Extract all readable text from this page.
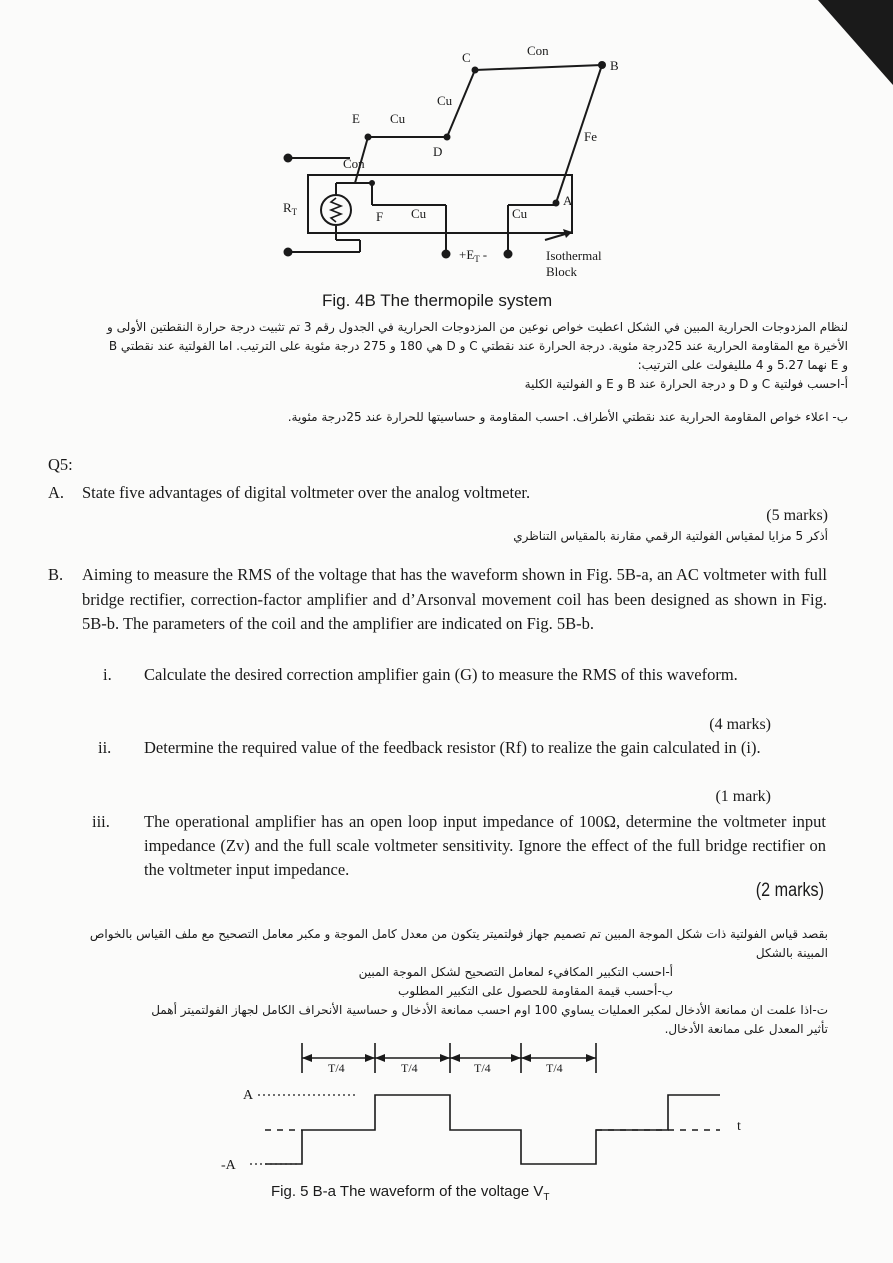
C
B
Con
Cu
E Cu
D
Fe
Con
$R_T$	F Cu	Cu
A
$+E_T$ -	Isothermal
Block
Fig. 4B The thermopile system
لنظام المزدوجات الحرارية المبين في الشكل اعطيت خواص نوعين من المزدوجات الحرارية في الجدول رقم 3 تم تثبيت درجة حرارة النقطتين الأولى و
الأخيرة مع المقاومة الحرارية عند 25درجة مئوية. درجة الحرارة عند نقطتي C و D هي 180 و 275 درجة مئوية على الترتيب. اما الفولتية عند نقطتي B
و E نهما 5.27 و 4 ملليفولت على الترتيب:
أ-احسب فولتية C و D و درجة الحرارة عند B و E و الفولتية الكلية
ب- اعلاء خواص المقاومة الحرارية عند نقطتي الأطراف. احسب المقاومة و حساسيتها للحرارة عند 25درجة مئوية.
Q5:
A. State five advantages of digital voltmeter over the analog voltmeter.
(5 marks)
أذكر 5 مزايا لمقياس الفولتية الرقمي مقارنة بالمقياس التناظري
B. Aiming to measure the RMS of the voltage that has the waveform shown in Fig. 5B-a, an AC voltmeter with full bridge rectifier, correction-factor amplifier and d’Arsonval movement coil has been designed as shown in Fig. 5B-b. The parameters of the coil and the amplifier are indicated on Fig. 5B-b.
i. Calculate the desired correction amplifier gain (G) to measure the RMS of this waveform.
(4 marks)
ii. Determine the required value of the feedback resistor (Rf) to realize the gain calculated in (i).
(1 mark)
iii. The operational amplifier has an open loop input impedance of 100Ω, determine the voltmeter input impedance (Zv) and the full scale voltmeter sensitivity. Ignore the effect of the full bridge rectifier on the voltmeter input impedance.
(2 marks)
بقصد قياس الفولتية ذات شكل الموجة المبين تم تصميم جهاز فولتميتر يتكون من معدل كامل الموجة و مكبر معامل التصحيح مع ملف القياس بالخواص
المبينة بالشكل
أ-احسب التكبير المكافيء لمعامل التصحيح لشكل الموجة المبين
ب-أحسب قيمة المقاومة للحصول على التكبير المطلوب
ت-اذا علمت ان ممانعة الأدخال لمكبر العمليات يساوي 100 اوم احسب ممانعة الأدخال و حساسية الأنحراف الكامل لجهاز الفولتميتر أهمل
تأثير المعدل على ممانعة الأدخال.
T/4	T/4	T/4	T/4
A
-A
t
Fig. 5 B-a The waveform of the voltage $V_T$
